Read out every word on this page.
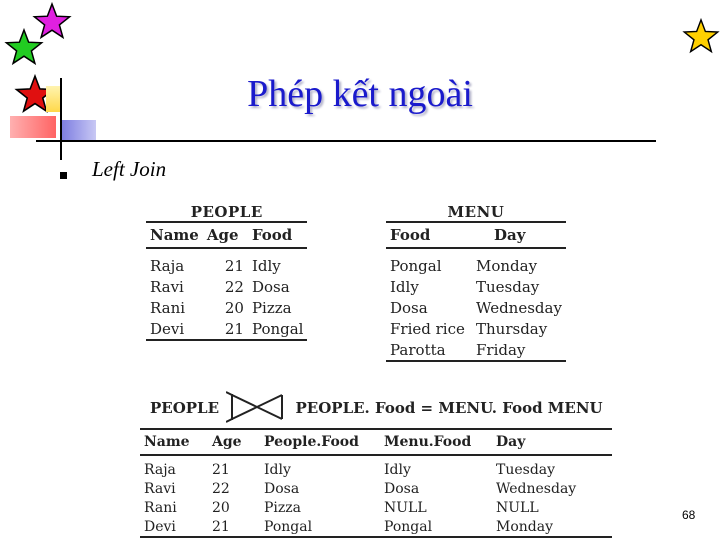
Phép kết ngoài
Left Join
PEOPLE
Name	Age	Food
Raja	21	Idly
Ravi	22	Dosa
Rani	20	Pizza
Devi	21	Pongal
MENU
Food	Day
Pongal	Monday
Idly	Tuesday
Dosa	Wednesday
Fried rice	Thursday
Parotta	Friday
PEOPLE	PEOPLE. Food = MENU. Food MENU
Name	Age	People.Food	Menu.Food	Day
Raja	21	Idly	Idly	Tuesday
Ravi	22	Dosa	Dosa	Wednesday
Rani	20	Pizza	NULL	NULL
Devi	21	Pongal	Pongal	Monday
68
